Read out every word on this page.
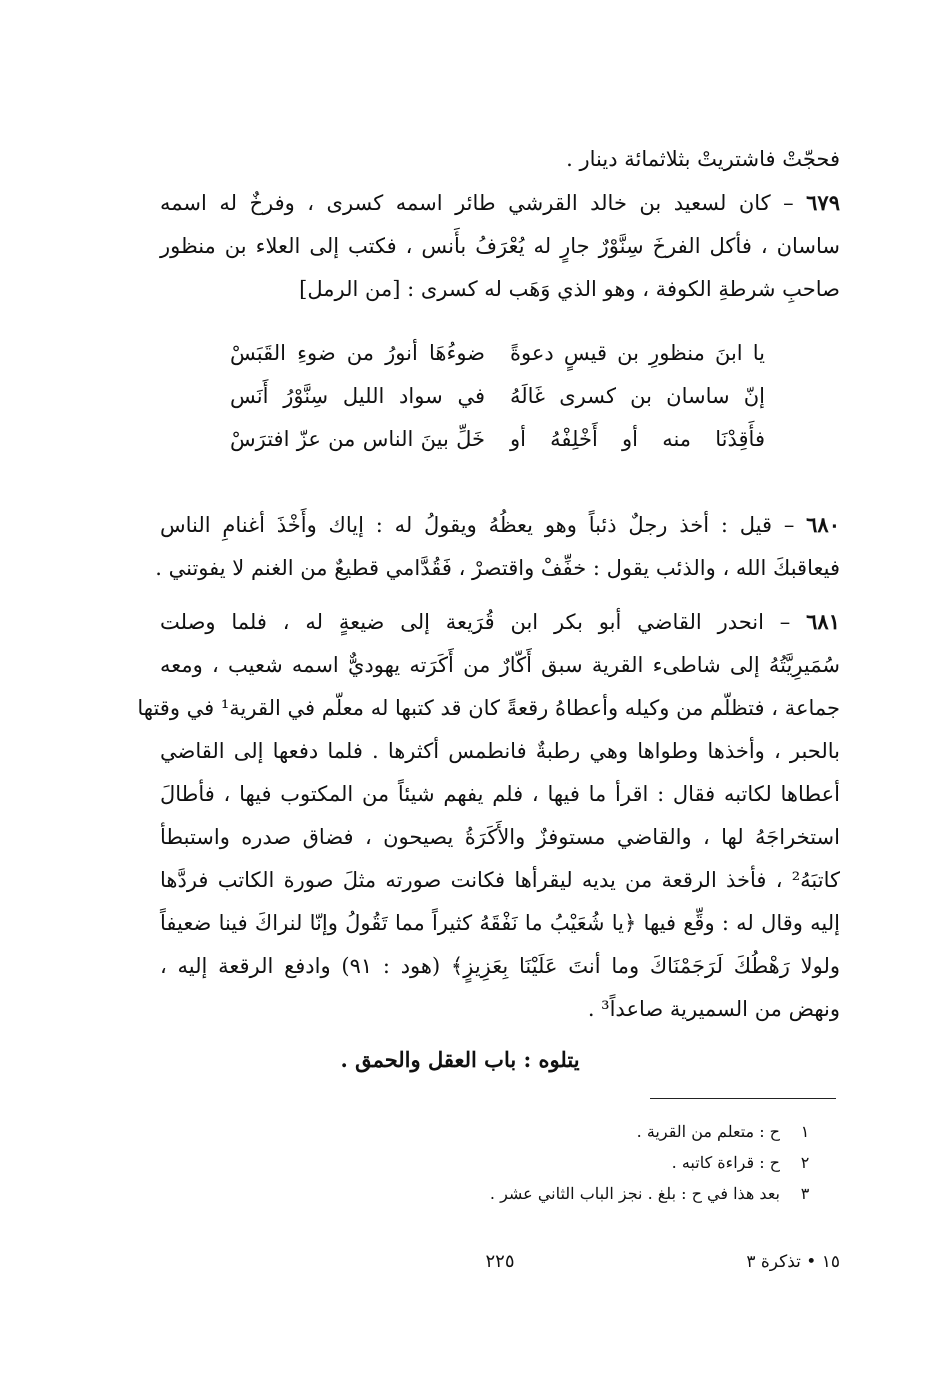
فحجّتْ فاشتريتْ بثلاثمائة دينار .
٦٧٩ – كان لسعيد بن خالد القرشي طائر اسمه كسرى ، وفرخٌ له اسمه
ساسان ، فأكل الفرخَ سِنَّوْرٌ جارٍ له يُعْرَفُ بأَنس ، فكتب إلى العلاء بن منظور
صاحبِ شرطةِ الكوفة ، وهو الذي وَهَب له كسرى : [من الرمل]
يا ابنَ منظورِ بن قيسٍ دعوةً
ضوءُهَا أنورُ من ضوءِ القَبَسْ
إنّ ساسان بن كسرى غَالَهُ
في سواد الليل سِنَّوْرُ أَنَس
فأَقِدْنَا منه أو أَخْلِفْهُ أو
خَلِّ بينَ الناس من عزّ افترَسْ
٦٨٠ – قيل : أخذ رجلٌ ذئباً وهو يعظُهُ ويقولُ له : إياك وأَخْذَ أغنامِ الناس
فيعاقبكَ الله ، والذئب يقول : خفِّفْ واقتصرْ ، فَقُدَّامي قطيعٌ من الغنم لا يفوتني .
٦٨١ – انحدر القاضي أبو بكر ابن قُرَيعة إلى ضيعةٍ له ، فلما وصلت
سُمَيرِيَّتُهُ إلى شاطىء القرية سبق أَكّارٌ من أَكَرَته يهوديٌّ اسمه شعيب ، ومعه
جماعة ، فتظلّم من وكيله وأعطاهُ رقعةً كان قد كتبها له معلّم في القرية¹ في وقتها
بالحبر ، وأخذها وطواها وهي رطبةٌ فانطمس أكثرها . فلما دفعها إلى القاضي
أعطاها لكاتبه فقال : اقرأ ما فيها ، فلم يفهم شيئاً من المكتوب فيها ، فأطالَ
استخراجَهُ لها ، والقاضي مستوفزٌ والأَكَرَةُ يصيحون ، فضاق صدره واستبطأ
كاتبَهُ² ، فأخذ الرقعة من يديه ليقرأها فكانت صورته مثلَ صورة الكاتب فردَّها
إليه وقال له : وقِّع فيها ﴿يا شُعَيْبُ ما نَفْقَهُ كثيراً مما تَقُولُ وإنّا لنراكَ فينا ضعيفاً
ولولا رَهْطُكَ لَرَجَمْنَاكَ وما أنتَ عَلَيْنَا بِعَزِيزٍ﴾ (هود : ٩١) وادفع الرقعة إليه ،
ونهض من السميرية صاعداً³ .
يتلوه : باب العقل والحمق .
١
ح : متعلم من القرية .
٢
ح : قراءة كاتبه .
٣
بعد هذا في ح : بلغ . نجز الباب الثاني عشر .
١٥ • تذكرة ٣
٢٢٥
